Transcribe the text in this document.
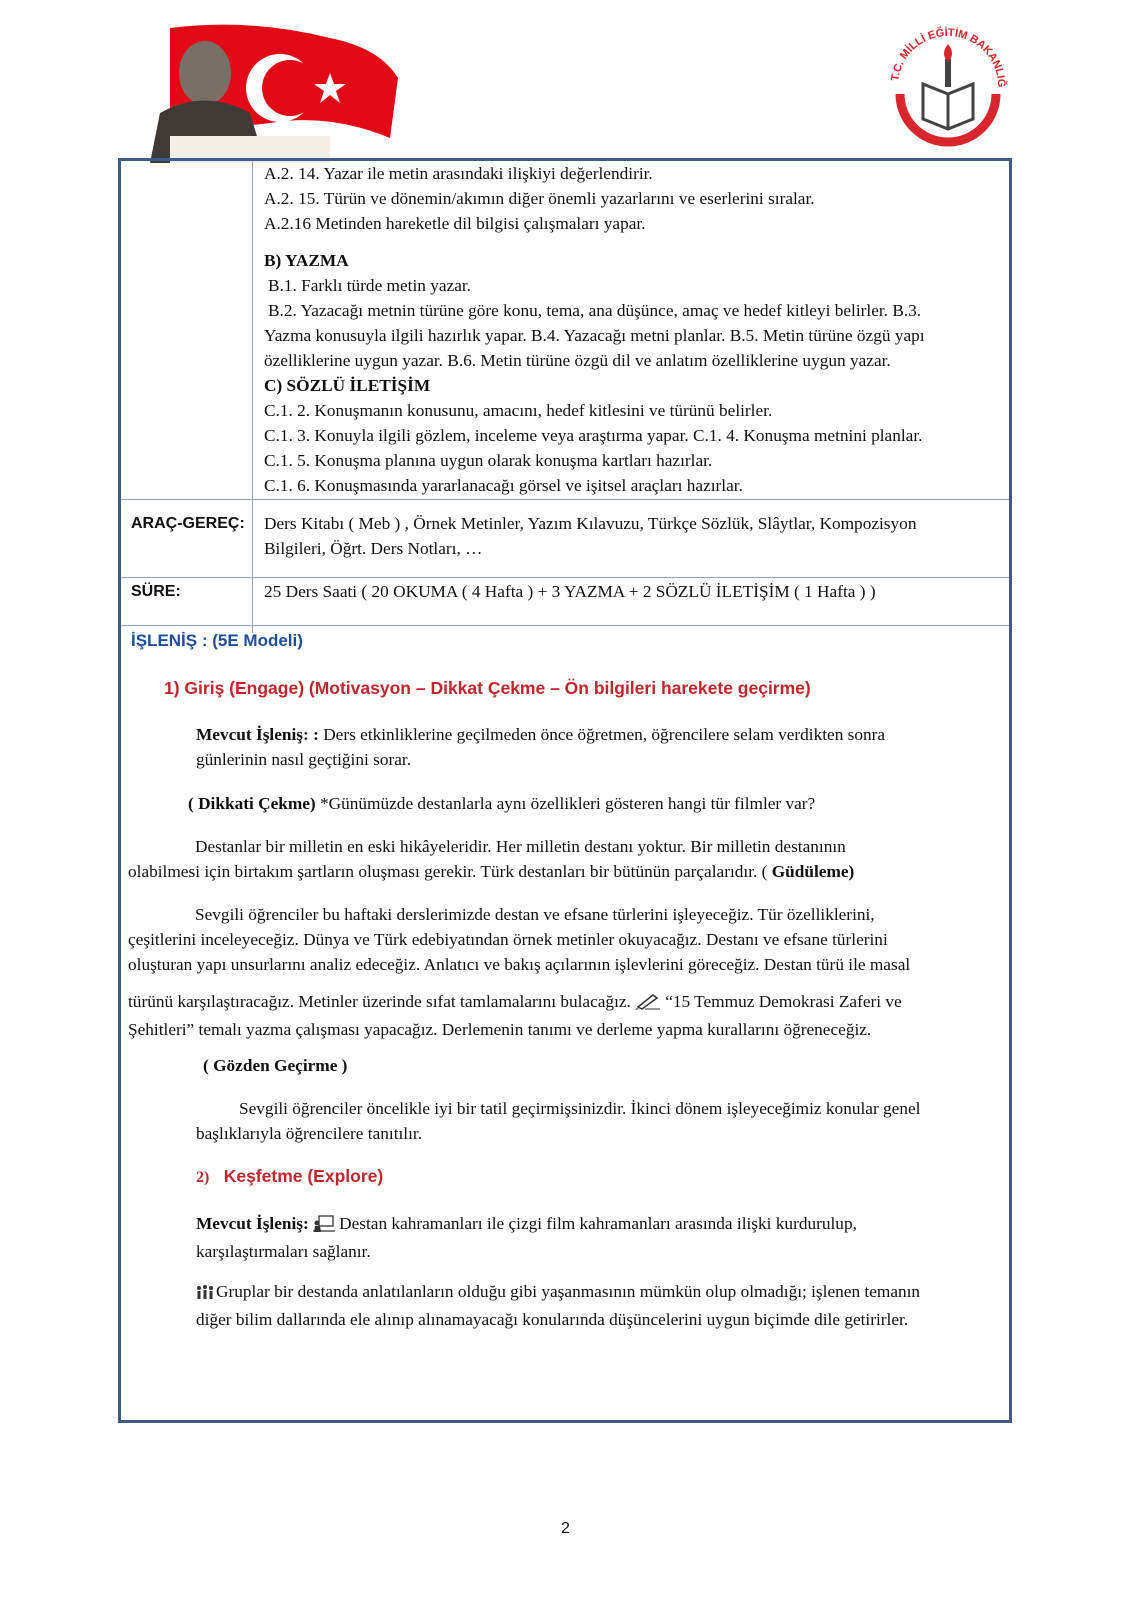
T.C. MİLLİ EĞİTİM BAKANLIĞ

A.2. 14. Yazar ile metin arasındaki ilişkiyi değerlendirir.

A.2. 15. Türün ve dönemin/akımın diğer önemli yazarlarını ve eserlerini sıralar.

A.2.16 Metinden hareketle dil bilgisi çalışmaları yapar.

B) YAZMA

B.1. Farklı türde metin yazar.

B.2. Yazacağı metnin türüne göre konu, tema, ana düşünce, amaç ve hedef kitleyi belirler. B.3.

Yazma konusuyla ilgili hazırlık yapar. B.4. Yazacağı metni planlar. B.5. Metin türüne özgü yapı

özelliklerine uygun yazar. B.6. Metin türüne özgü dil ve anlatım özelliklerine uygun yazar.

C) SÖZLÜ İLETİŞİM

C.1. 2. Konuşmanın konusunu, amacını, hedef kitlesini ve türünü belirler.

C.1. 3. Konuyla ilgili gözlem, inceleme veya araştırma yapar. C.1. 4. Konuşma metnini planlar.

C.1. 5. Konuşma planına uygun olarak konuşma kartları hazırlar.

C.1. 6. Konuşmasında yararlanacağı görsel ve işitsel araçları hazırlar.

ARAÇ-GEREÇ: Ders Kitabı ( Meb ) , Örnek Metinler, Yazım Kılavuzu, Türkçe Sözlük, Slâytlar, Kompozisyon

Bilgileri, Öğrt. Ders Notları, …

SÜRE:	25 Ders Saati ( 20 OKUMA ( 4 Hafta ) + 3 YAZMA + 2 SÖZLÜ İLETİŞİM ( 1 Hafta ) )

İŞLENİŞ : (5E Modeli)
1) Giriş (Engage) (Motivasyon – Dikkat Çekme – Ön bilgileri harekete geçirme)

Mevcut İşleniş: : Ders etkinliklerine geçilmeden önce öğretmen, öğrencilere selam verdikten sonra

günlerinin nasıl geçtiğini sorar.

( Dikkati Çekme) *Günümüzde destanlarla aynı özellikleri gösteren hangi tür filmler var?

Destanlar bir milletin en eski hikâyeleridir. Her milletin destanı yoktur. Bir milletin destanının

olabilmesi için birtakım şartların oluşması gerekir. Türk destanları bir bütünün parçalarıdır. ( Güdüleme)

Sevgili öğrenciler bu haftaki derslerimizde destan ve efsane türlerini işleyeceğiz. Tür özelliklerini,

çeşitlerini inceleyeceğiz. Dünya ve Türk edebiyatından örnek metinler okuyacağız. Destanı ve efsane türlerini

oluşturan yapı unsurlarını analiz edeceğiz. Anlatıcı ve bakış açılarının işlevlerini göreceğiz. Destan türü ile masal

türünü karşılaştıracağız. Metinler üzerinde sıfat tamlamalarını bulacağız. “15 Temmuz Demokrasi Zaferi ve

Şehitleri” temalı yazma çalışması yapacağız. Derlemenin tanımı ve derleme yapma kurallarını öğreneceğiz.

( Gözden Geçirme )

Sevgili öğrenciler öncelikle iyi bir tatil geçirmişsinizdir. İkinci dönem işleyeceğimiz konular genel

başlıklarıyla öğrencilere tanıtılır.

2) Keşfetme (Explore)

Mevcut İşleniş: Destan kahramanları ile çizgi film kahramanları arasında ilişki kurdurulup,

karşılaştırmaları sağlanır.

Gruplar bir destanda anlatılanların olduğu gibi yaşanmasının mümkün olup olmadığı; işlenen temanın

diğer bilim dallarında ele alınıp alınamayacağı konularında düşüncelerini uygun biçimde dile getirirler.

2
